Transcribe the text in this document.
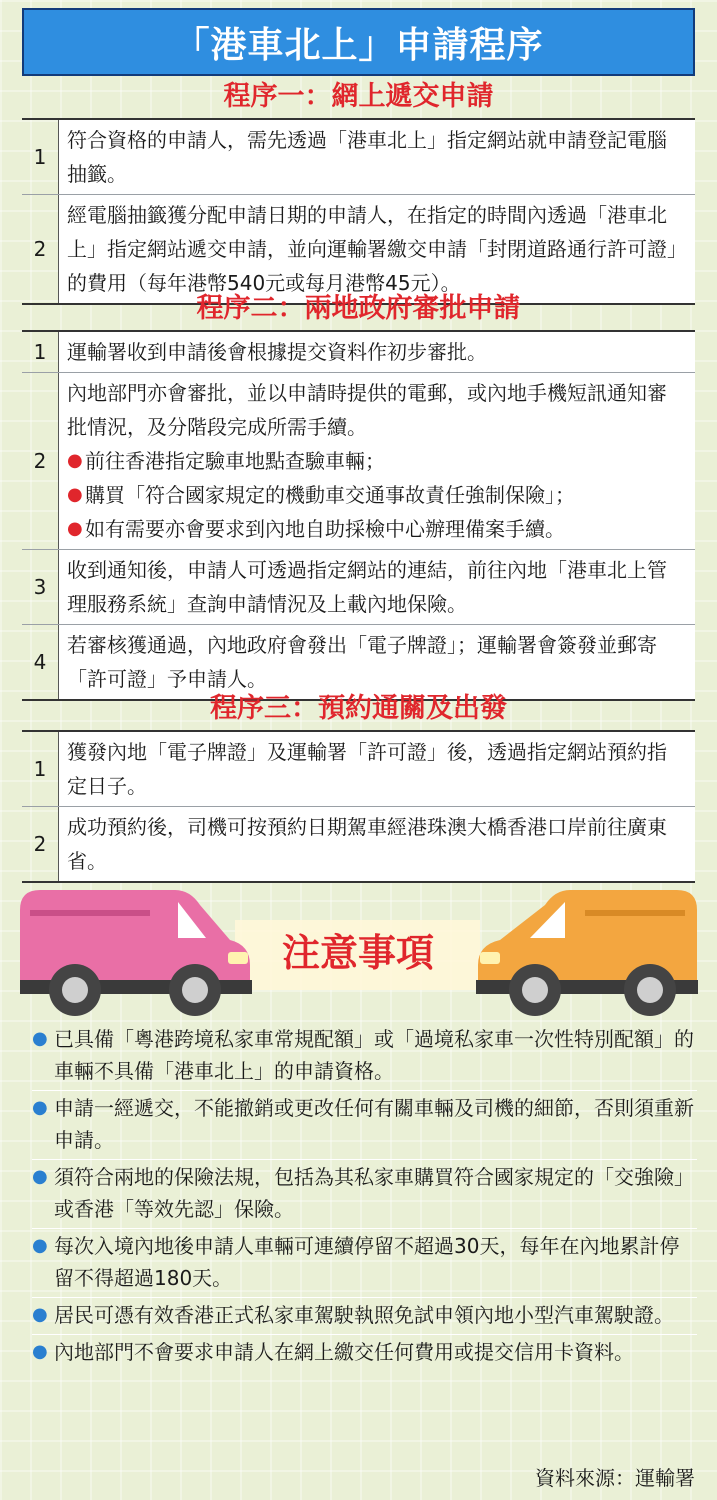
「港車北上」申請程序
程序一：網上遞交申請
1
符合資格的申請人，需先透過「港車北上」指定網站就申請登記電腦抽籤。
2
經電腦抽籤獲分配申請日期的申請人，在指定的時間內透過「港車北上」指定網站遞交申請，並向運輸署繳交申請「封閉道路通行許可證」的費用（每年港幣540元或每月港幣45元）。
程序二：兩地政府審批申請
1	運輸署收到申請後會根據提交資料作初步審批。
2
內地部門亦會審批，並以申請時提供的電郵，或內地手機短訊通知審批情況，及分階段完成所需手續。
● 前往香港指定驗車地點查驗車輛；
● 購買「符合國家規定的機動車交通事故責任強制保險」；
● 如有需要亦會要求到內地自助採檢中心辦理備案手續。
3
收到通知後，申請人可透過指定網站的連結，前往內地「港車北上管理服務系統」查詢申請情況及上載內地保險。
4
若審核獲通過，內地政府會發出「電子牌證」；運輸署會簽發並郵寄「許可證」予申請人。
程序三：預約通關及出發
1
獲發內地「電子牌證」及運輸署「許可證」後，透過指定網站預約指定日子。
2
成功預約後，司機可按預約日期駕車經港珠澳大橋香港口岸前往廣東省。
注意事項
● 已具備「粵港跨境私家車常規配額」或「過境私家車一次性特別配額」的車輛不具備「港車北上」的申請資格。
● 申請一經遞交，不能撤銷或更改任何有關車輛及司機的細節，否則須重新申請。
● 須符合兩地的保險法規，包括為其私家車購買符合國家規定的「交強險」或香港「等效先認」保險。
● 每次入境內地後申請人車輛可連續停留不超過30天，每年在內地累計停留不得超過180天。
● 居民可憑有效香港正式私家車駕駛執照免試申領內地小型汽車駕駛證。
● 內地部門不會要求申請人在網上繳交任何費用或提交信用卡資料。
資料來源：運輸署
